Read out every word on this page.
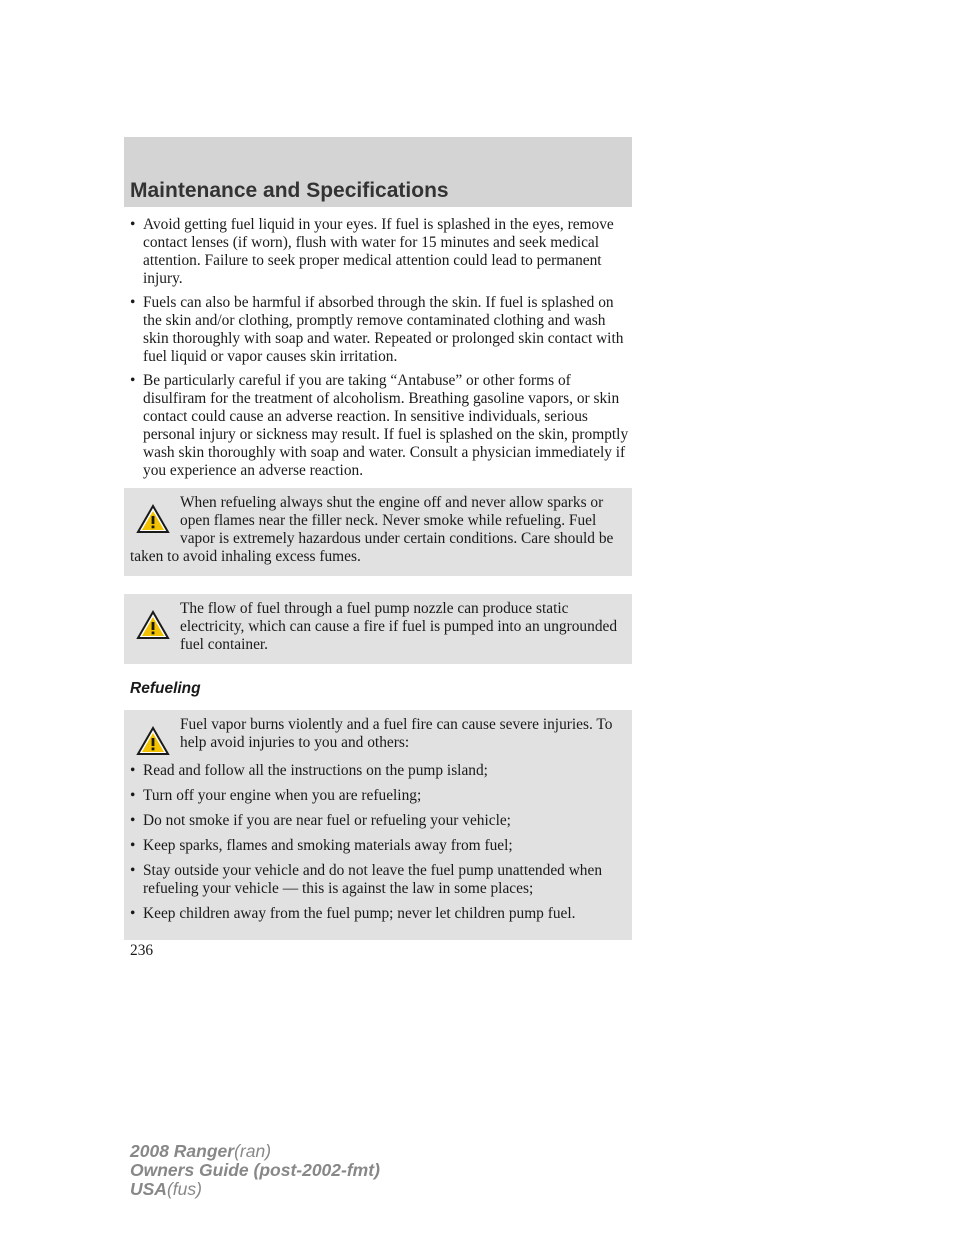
Maintenance and Specifications
• Avoid getting fuel liquid in your eyes. If fuel is splashed in the eyes, remove contact lenses (if worn), flush with water for 15 minutes and seek medical attention. Failure to seek proper medical attention could lead to permanent injury.
• Fuels can also be harmful if absorbed through the skin. If fuel is splashed on the skin and/or clothing, promptly remove contaminated clothing and wash skin thoroughly with soap and water. Repeated or prolonged skin contact with fuel liquid or vapor causes skin irritation.
• Be particularly careful if you are taking “Antabuse” or other forms of disulfiram for the treatment of alcoholism. Breathing gasoline vapors, or skin contact could cause an adverse reaction. In sensitive individuals, serious personal injury or sickness may result. If fuel is splashed on the skin, promptly wash skin thoroughly with soap and water. Consult a physician immediately if you experience an adverse reaction.

When refueling always shut the engine off and never allow sparks or open flames near the filler neck. Never smoke while refueling. Fuel vapor is extremely hazardous under certain conditions. Care should be taken to avoid inhaling excess fumes.

The flow of fuel through a fuel pump nozzle can produce static electricity, which can cause a fire if fuel is pumped into an ungrounded fuel container.

Refueling

Fuel vapor burns violently and a fuel fire can cause severe injuries. To help avoid injuries to you and others:

• Read and follow all the instructions on the pump island;
• Turn off your engine when you are refueling;
• Do not smoke if you are near fuel or refueling your vehicle;
• Keep sparks, flames and smoking materials away from fuel;
• Stay outside your vehicle and do not leave the fuel pump unattended when refueling your vehicle — this is against the law in some places;
• Keep children away from the fuel pump; never let children pump fuel.
236
2008 Ranger(ran)
Owners Guide (post-2002-fmt)
USA(fus)
